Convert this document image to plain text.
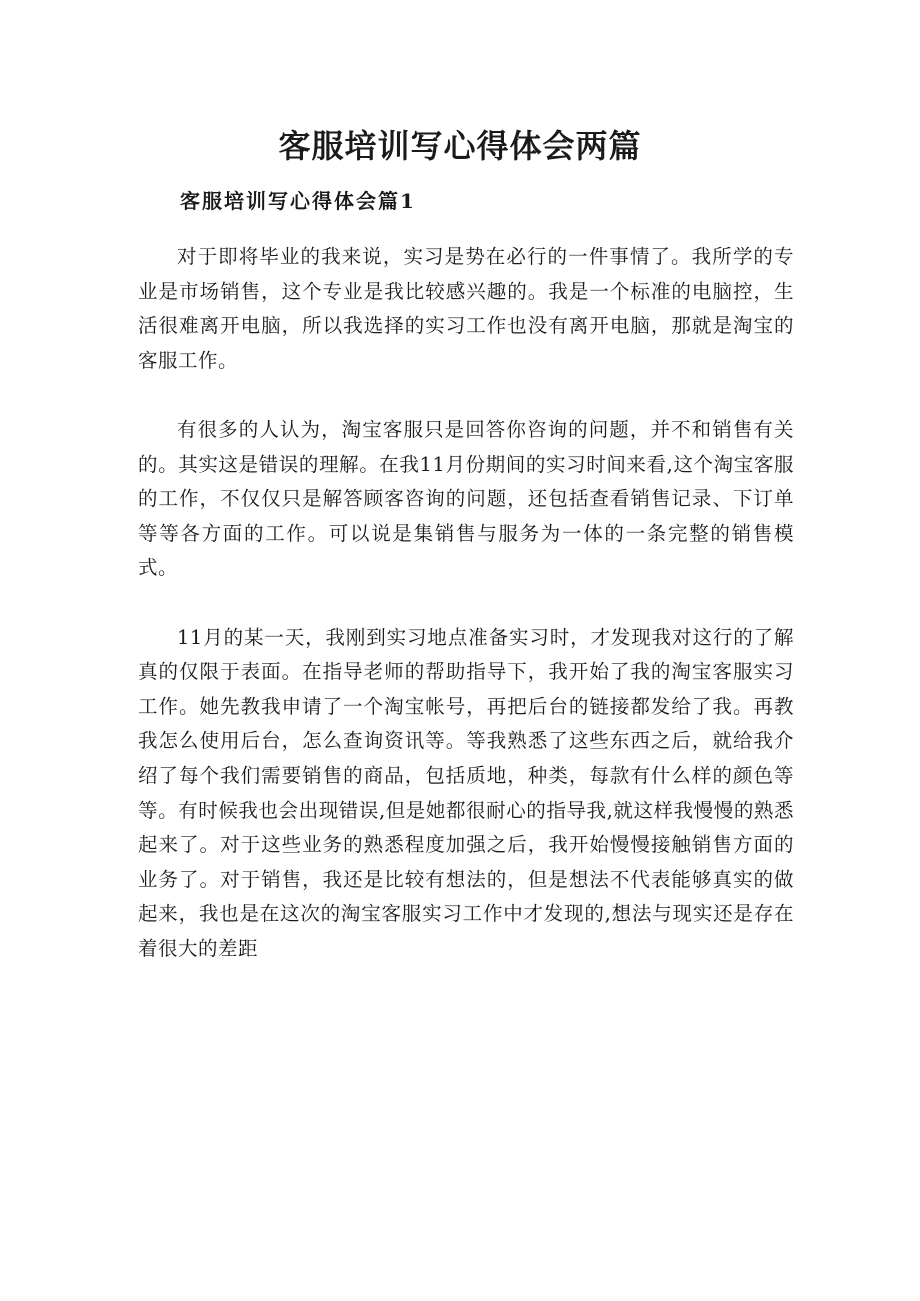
客服培训写心得体会两篇
客服培训写心得体会篇1

对于即将毕业的我来说，实习是势在必行的一件事情了。我所学的专业是市场销售，这个专业是我比较感兴趣的。我是一个标准的电脑控，生活很难离开电脑，所以我选择的实习工作也没有离开电脑，那就是淘宝的客服工作。

有很多的人认为，淘宝客服只是回答你咨询的问题，并不和销售有关的。其实这是错误的理解。在我11月份期间的实习时间来看,这个淘宝客服的工作，不仅仅只是解答顾客咨询的问题，还包括查看销售记录、下订单等等各方面的工作。可以说是集销售与服务为一体的一条完整的销售模式。

11月的某一天，我刚到实习地点准备实习时，才发现我对这行的了解真的仅限于表面。在指导老师的帮助指导下，我开始了我的淘宝客服实习工作。她先教我申请了一个淘宝帐号，再把后台的链接都发给了我。再教我怎么使用后台，怎么查询资讯等。等我熟悉了这些东西之后，就给我介绍了每个我们需要销售的商品，包括质地，种类，每款有什么样的颜色等等。有时候我也会出现错误,但是她都很耐心的指导我,就这样我慢慢的熟悉起来了。对于这些业务的熟悉程度加强之后，我开始慢慢接触销售方面的业务了。对于销售，我还是比较有想法的，但是想法不代表能够真实的做起来，我也是在这次的淘宝客服实习工作中才发现的,想法与现实还是存在着很大的差距
